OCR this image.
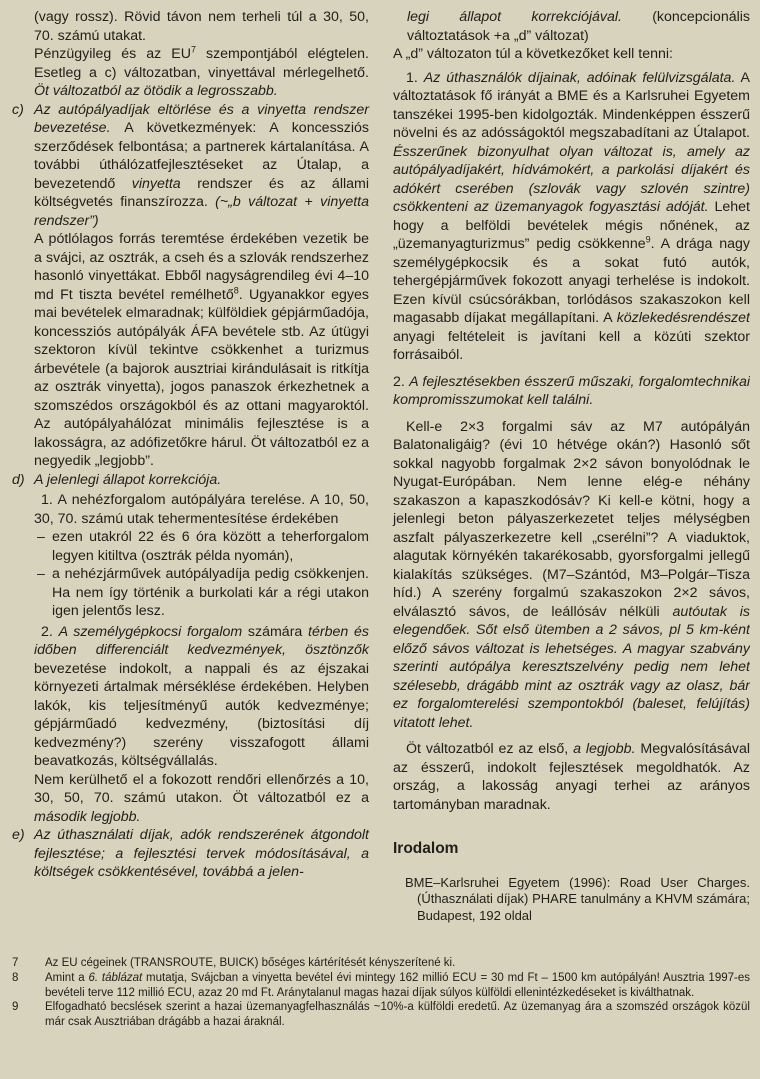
(vagy rossz). Rövid távon nem terheli túl a 30, 50, 70. számú utakat.

Pénzügyileg és az EU$^7$ szempontjából elégtelen. Esetleg a c) változatban, vinyettával mérlegelhető. Öt változatból az ötödik a legrosszabb.

c) Az autópályadíjak eltörlése és a vinyetta rendszer bevezetése. A következmények: A koncessziós szerződések felbontása; a partnerek kártalanítása. A további úthálózatfejlesztéseket az Útalap, a bevezetendő vinyetta rendszer és az állami költségvetés finanszírozza. (~„b változat + vinyetta rendszer”)

A pótlólagos forrás teremtése érdekében vezetik be a svájci, az osztrák, a cseh és a szlovák rendszerhez hasonló vinyettákat. Ebből nagyságrendileg évi 4–10 md Ft tiszta bevétel remélhető$^8$. Ugyanakkor egyes mai bevételek elmaradnak; külföldiek gépjárműadója, koncessziós autópályák ÁFA bevétele stb. Az útügyi szektoron kívül tekintve csökkenhet a turizmus árbevétele (a bajorok ausztriai kirándulásait is ritkítja az osztrák vinyetta), jogos panaszok érkezhetnek a szomszédos országokból és az ottani magyaroktól. Az autópályahálózat minimális fejlesztése is a lakosságra, az adófizetőkre hárul. Öt változatból ez a negyedik „legjobb”.

d) A jelenlegi állapot korrekciója.

1. A nehézforgalom autópályára terelése. A 10, 50, 30, 70. számú utak tehermentesítése érdekében

– ezen utakról 22 és 6 óra között a teherforgalom legyen kitiltva (osztrák példa nyomán),
– a nehézjárművek autópályadíja pedig csökkenjen. Ha nem így történik a burkolati kár a régi utakon igen jelentős lesz.

2. A személygépkocsi forgalom számára térben és időben differenciált kedvezmények, ösztönzők bevezetése indokolt, a nappali és az éjszakai környezeti ártalmak mérséklése érdekében. Helyben lakók, kis teljesítményű autók kedvezménye; gépjárműadó kedvezmény, (biztosítási díj kedvezmény?) szerény visszafogott állami beavatkozás, költségvállalás.

Nem kerülhető el a fokozott rendőri ellenőrzés a 10, 30, 50, 70. számú utakon. Öt változatból ez a második legjobb.

e) Az úthasználati díjak, adók rendszerének átgondolt fejlesztése; a fejlesztési tervek módosításával, a költségek csökkentésével, továbbá a jelen-

legi állapot korrekciójával. (koncepcionális változtatások +a „d” változat)

A „d” változaton túl a következőket kell tenni:

1. Az úthasználók díjainak, adóinak felülvizsgálata. A változtatások fő irányát a BME és a Karlsruhei Egyetem tanszékei 1995-ben kidolgozták. Mindenképpen ésszerű növelni és az adósságoktól megszabadítani az Útalapot. Ésszerűnek bizonyulhat olyan változat is, amely az autópályadíjakért, hídvámokért, a parkolási díjakért és adókért cserében (szlovák vagy szlovén szintre) csökkenteni az üzemanyagok fogyasztási adóját. Lehet hogy a belföldi bevételek mégis nőnének, az „üzemanyagturizmus” pedig csökkenne$^9$. A drága nagy személygépkocsik és a sokat futó autók, tehergépjárművek fokozott anyagi terhelése is indokolt. Ezen kívül csúcsórákban, torlódásos szakaszokon kell magasabb díjakat megállapítani. A közlekedésrendészet anyagi feltételeit is javítani kell a közúti szektor forrásaiból.

2. A fejlesztésekben ésszerű műszaki, forgalomtechnikai kompromisszumokat kell találni.

Kell-e 2×3 forgalmi sáv az M7 autópályán Balatonaligáig? (évi 10 hétvége okán?) Hasonló sőt sokkal nagyobb forgalmak 2×2 sávon bonyolódnak le Nyugat-Európában. Nem lenne elég-e néhány szakaszon a kapaszkodósáv? Ki kell-e kötni, hogy a jelenlegi beton pályaszerkezetet teljes mélységben aszfalt pályaszerkezetre kell „cserélni”? A viaduktok, alagutak környékén takarékosabb, gyorsforgalmi jellegű kialakítás szükséges. (M7–Szántód, M3–Polgár–Tisza híd.) A szerény forgalmú szakaszokon 2×2 sávos, elválasztó sávos, de leállósáv nélküli autóutak is elegendőek. Sőt első ütemben a 2 sávos, pl 5 km-ként előző sávos változat is lehetséges. A magyar szabvány szerinti autópálya keresztszelvény pedig nem lehet szélesebb, drágább mint az osztrák vagy az olasz, bár ez forgalomterelési szempontokból (baleset, felújítás) vitatott lehet.

Öt változatból ez az első, a legjobb. Megvalósításával az ésszerű, indokolt fejlesztések megoldhatók. Az ország, a lakosság anyagi terhei az arányos tartományban maradnak.

Irodalom

BME–Karlsruhei Egyetem (1996): Road User Charges. (Úthasználati díjak) PHARE tanulmány a KHVM számára; Budapest, 192 oldal

7	Az EU cégeinek (TRANSROUTE, BUICK) bőséges kártérítését kényszerítené ki.
8	Amint a 6. táblázat mutatja, Svájcban a vinyetta bevétel évi mintegy 162 millió ECU = 30 md Ft – 1500 km autópályán! Ausztria 1997-es bevételi terve 112 millió ECU, azaz 20 md Ft. Aránytalanul magas hazai díjak súlyos külföldi ellenintézkedéseket is kiválthatnak.
9	Elfogadható becslések szerint a hazai üzemanyagfelhasználás ~10%-a külföldi eredetű. Az üzemanyag ára a szomszéd országok közül már csak Ausztriában drágább a hazai áraknál.
